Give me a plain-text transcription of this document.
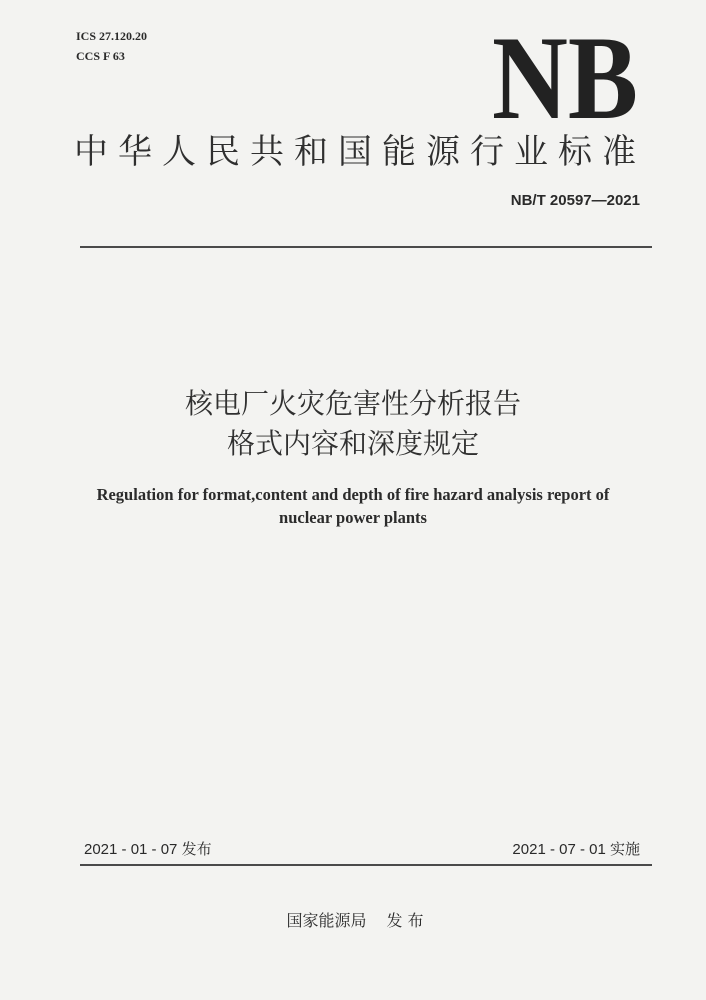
ICS 27.120.20
CCS F 63	NB
中华人民共和国能源行业标准
NB/T 20597—2021
核电厂火灾危害性分析报告
格式内容和深度规定
Regulation for format,content and depth of fire hazard analysis report of
nuclear power plants
2021 - 01 - 07 发布	2021 - 07 - 01 实施
国家能源局 发 布
